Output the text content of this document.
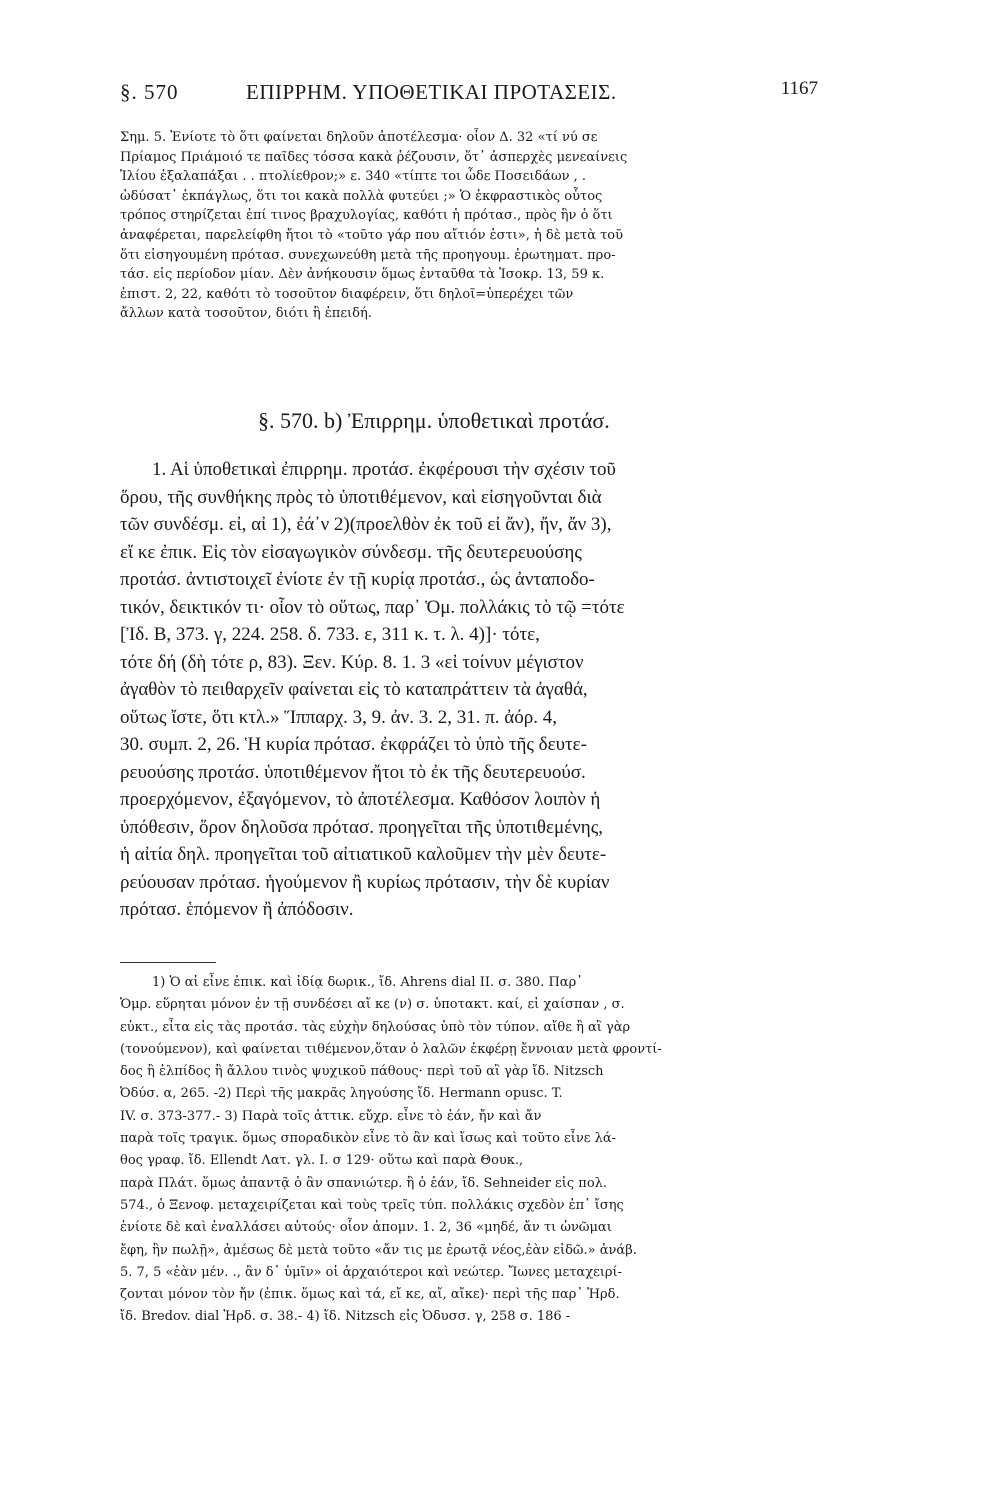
§. 570	ΕΠΙΡΡΗΜ. ΥΠΟΘΕΤΙΚΑΙ ΠΡΟΤΑΣΕΙΣ.	1167
Σημ. 5. Ἐνίοτε τὸ ὅτι φαίνεται δηλοῦν ἀποτέλεσμα· οἷον Δ. 32 «τί νύ σε
Πρίαμος Πριάμοιό τε παῖδες τόσσα κακὰ ῥέζουσιν, ὅτ᾽ ἀσπερχὲς μενεαίνεις
Ἰλίου ἐξαλαπάξαι . . πτολίεθρον;» ε. 340 «τίπτε τοι ὧδε Ποσειδάων , .
ὠδύσατ᾽ ἐκπάγλως, ὅτι τοι κακὰ πολλὰ φυτεύει ;» Ὁ ἐκφραστικὸς οὗτος
τρόπος στηρίζεται ἐπί τινος βραχυλογίας, καθότι ἡ πρότασ., πρὸς ἣν ὁ ὅτι
ἀναφέρεται, παρελείφθη ἤτοι τὸ «τοῦτο γάρ που αἴτιόν ἐστι», ἡ δὲ μετὰ τοῦ
ὅτι εἰσηγουμένη πρότασ. συνεχωνεύθη μετὰ τῆς προηγουμ. ἐρωτηματ. προ-
τάσ. εἰς περίοδον μίαν. Δὲν ἀνήκουσιν ὅμως ἐνταῦθα τὰ Ἰσοκρ. 13, 59 κ.
ἐπιστ. 2, 22, καθότι τὸ τοσοῦτον διαφέρειν, ὅτι δηλοῖ=ὑπερέχει τῶν
ἄλλων κατὰ τοσοῦτον, διότι ἢ ἐπειδή.
§. 570. b) Ἐπιρρημ. ὑποθετικαὶ προτάσ.
1. Αἱ ὑποθετικαὶ ἐπιρρημ. προτάσ. ἐκφέρουσι τὴν σχέσιν τοῦ
ὅρου, τῆς συνθήκης πρὸς τὸ ὑποτιθέμενον, καὶ εἰσηγοῦνται διὰ
τῶν συνδέσμ. εἰ, αἰ 1), ἐά᾽ν 2)(προελθὸν ἐκ τοῦ εἰ ἄν), ἤν, ἄν 3),
εἴ κε ἐπικ. Εἰς τὸν εἰσαγωγικὸν σύνδεσμ. τῆς δευτερευούσης
προτάσ. ἀντιστοιχεῖ ἐνίοτε ἐν τῇ κυρίᾳ προτάσ., ὡς ἀνταποδο-
τικόν, δεικτικόν τι· οἷον τὸ οὕτως, παρ᾽ Ὁμ. πολλάκις τὸ τῷ =τότε
[Ἰδ. Β, 373. γ, 224. 258. δ. 733. ε, 311 κ. τ. λ. 4)]· τότε,
τότε δή (δὴ τότε ρ, 83). Ξεν. Κύρ. 8. 1. 3 «εἰ τοίνυν μέγιστον
ἀγαθὸν τὸ πειθαρχεῖν φαίνεται εἰς τὸ καταπράττειν τὰ ἀγαθά,
οὕτως ἴστε, ὅτι κτλ.» Ἵππαρχ. 3, 9. ἀν. 3. 2, 31. π. ἀόρ. 4,
30. συμπ. 2, 26. Ἡ κυρία πρότασ. ἐκφράζει τὸ ὑπὸ τῆς δευτε-
ρευούσης προτάσ. ὑποτιθέμενον ἤτοι τὸ ἐκ τῆς δευτερευούσ.
προερχόμενον, ἐξαγόμενον, τὸ ἀποτέλεσμα. Καθόσον λοιπὸν ἡ
ὑπόθεσιν, ὅρον δηλοῦσα πρότασ. προηγεῖται τῆς ὑποτιθεμένης,
ἡ αἰτία δηλ. προηγεῖται τοῦ αἰτιατικοῦ καλοῦμεν τὴν μὲν δευτε-
ρεύουσαν πρότασ. ἡγούμενον ἢ κυρίως πρότασιν, τὴν δὲ κυρίαν
πρότασ. ἑπόμενον ἢ ἀπόδοσιν.
1) Ὁ αἱ εἶνε ἐπικ. καὶ ἰδίᾳ δωρικ., ἴδ. Ahrens dial II. σ. 380. Παρ᾽
Ὁμρ. εὕρηται μόνον ἐν τῇ συνδέσει αἴ κε (ν) σ. ὑποτακτ. καί, εἰ χαίσπαν , σ.
εὐκτ., εἶτα εἰς τὰς προτάσ. τὰς εὐχὴν δηλούσας ὑπὸ τὸν τύπον. αἴθε ἢ αἲ γὰρ
(τονούμενον), καὶ φαίνεται τιθέμενον,ὅταν ὁ λαλῶν ἐκφέρῃ ἔννοιαν μετὰ φροντί-
δος ἢ ἐλπίδος ἢ ἄλλου τινὸς ψυχικοῦ πάθους· περὶ τοῦ αἲ γὰρ ἴδ. Nitzsch
Ὀδύσ. α, 265. -2) Περὶ τῆς μακρᾶς ληγούσης ἴδ. Hermann opusc. T.
IV. σ. 373-377.- 3) Παρὰ τοῖς ἀττικ. εὔχρ. εἶνε τὸ ἐάν, ἤν καὶ ἄν
παρὰ τοῖς τραγικ. ὅμως σποραδικὸν εἶνε τὸ ἂν καὶ ἴσως καὶ τοῦτο εἶνε λά-
θος γραφ. ἴδ. Ellendt Λατ. γλ. I. σ 129· οὕτω καὶ παρὰ Θουκ.,
παρὰ Πλάτ. ὅμως ἀπαντᾷ ὁ ἂν σπανιώτερ. ἢ ὁ ἐάν, ἴδ. Sehneider εἰς πολ.
574., ὁ Ξενοφ. μεταχειρίζεται καὶ τοὺς τρεῖς τύπ. πολλάκις σχεδὸν ἐπ᾽ ἴσης
ἐνίοτε δὲ καὶ ἐναλλάσει αὐτούς· οἷον ἀπομν. 1. 2, 36 «μηδέ, ἄν τι ὠνῶμαι
ἔφη, ἢν πωλῇ», ἀμέσως δὲ μετὰ τοῦτο «ἄν τις με ἐρωτᾷ νέος,ἐὰν εἰδῶ.» ἀνάβ.
5. 7, 5 «ἐὰν μέν. ., ἂν δ᾽ ὑμῖν» οἱ ἀρχαιότεροι καὶ νεώτερ. Ἴωνες μεταχειρί-
ζονται μόνον τὸν ἤν (ἐπικ. ὅμως καὶ τά, εἴ κε, αἴ, αἴκε)· περὶ τῆς παρ᾽ Ἡρδ.
ἴδ. Bredov. dial Ἡρδ. σ. 38.- 4) ἴδ. Nitzsch εἰς Ὀδυσσ. γ, 258 σ. 186 -
